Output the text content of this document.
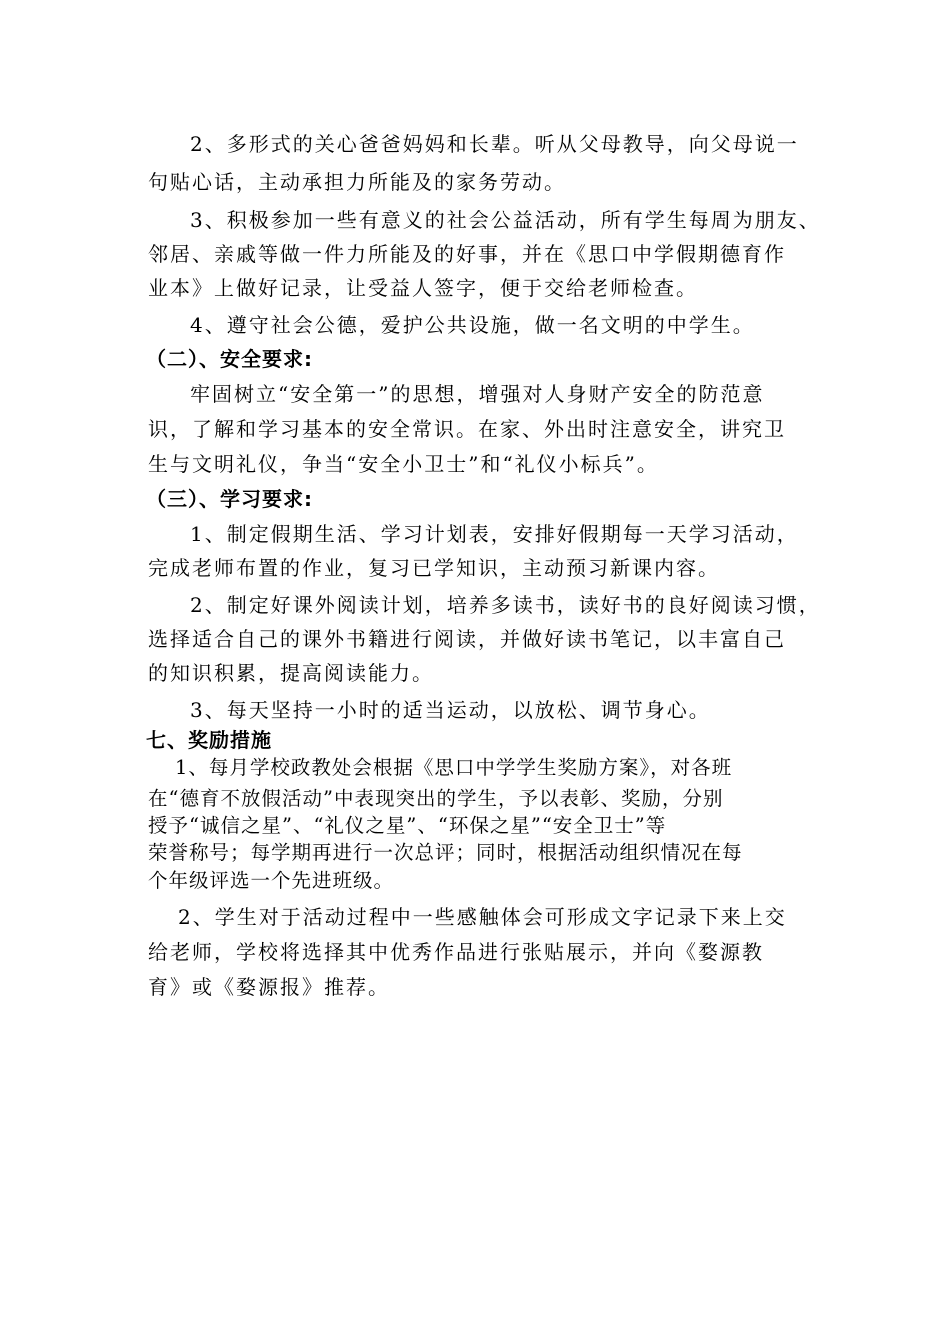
2、多形式的关心爸爸妈妈和长辈。听从父母教导，向父母说一
句贴心话，主动承担力所能及的家务劳动。
3、积极参加一些有意义的社会公益活动，所有学生每周为朋友、
邻居、亲戚等做一件力所能及的好事，并在《思口中学假期德育作
业本》上做好记录，让受益人签字，便于交给老师检查。
4、遵守社会公德，爱护公共设施，做一名文明的中学生。
（二）、安全要求:
牢固树立“安全第一”的思想，增强对人身财产安全的防范意
识，了解和学习基本的安全常识。在家、外出时注意安全，讲究卫
生与文明礼仪，争当“安全小卫士”和“礼仪小标兵”。
（三）、学习要求:
1、制定假期生活、学习计划表，安排好假期每一天学习活动，
完成老师布置的作业，复习已学知识，主动预习新课内容。
2、制定好课外阅读计划，培养多读书，读好书的良好阅读习惯，
选择适合自己的课外书籍进行阅读，并做好读书笔记，以丰富自己
的知识积累，提高阅读能力。
3、每天坚持一小时的适当运动，以放松、调节身心。
七、奖励措施
1、每月学校政教处会根据《思口中学学生奖励方案》，对各班
在“德育不放假活动”中表现突出的学生，予以表彰、奖励，分别
授予“诚信之星”、“礼仪之星”、“环保之星”“安全卫士”等
荣誉称号；每学期再进行一次总评；同时，根据活动组织情况在每
个年级评选一个先进班级。
2、学生对于活动过程中一些感触体会可形成文字记录下来上交
给老师，学校将选择其中优秀作品进行张贴展示，并向《婺源教
育》或《婺源报》推荐。
